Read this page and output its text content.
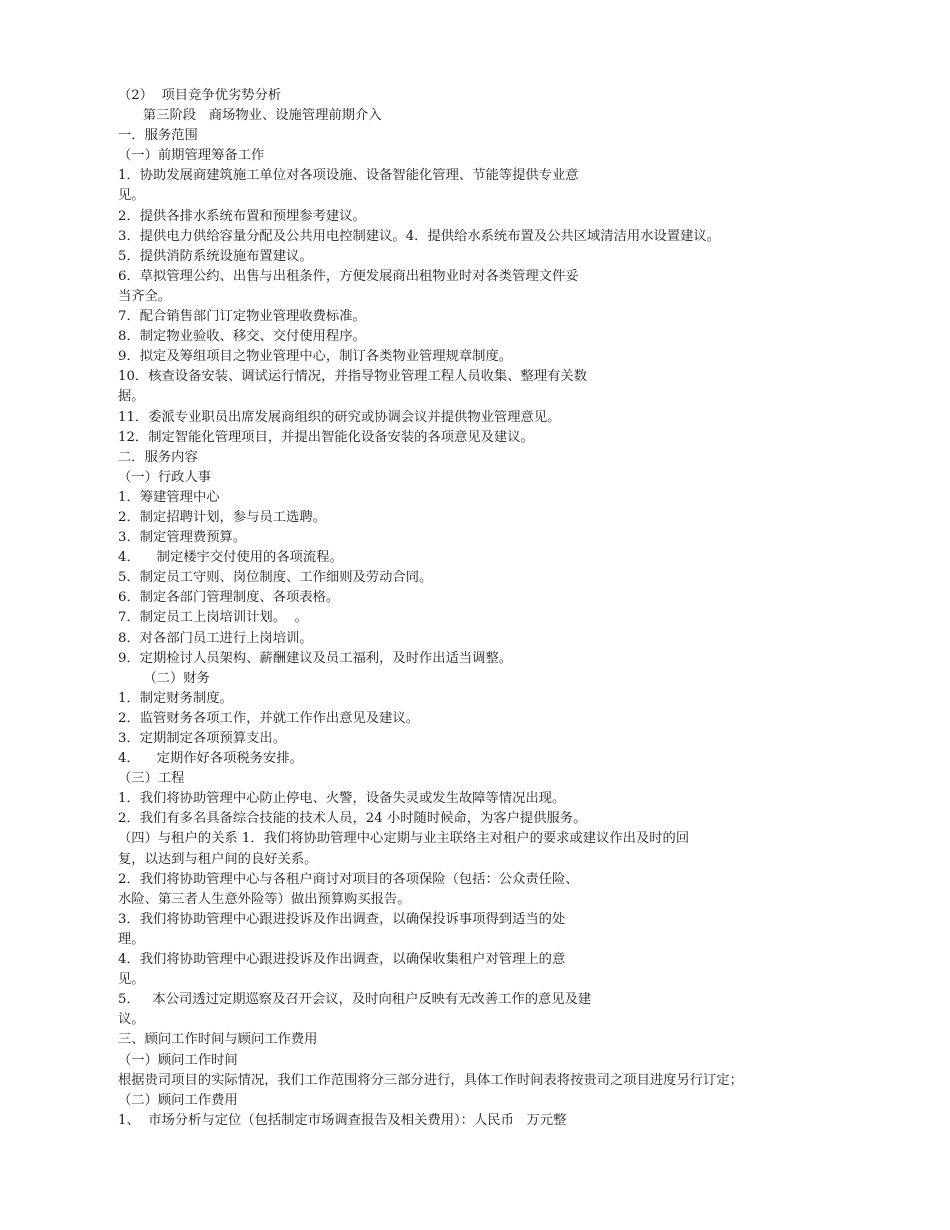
（2）  项目竞争优劣势分析
第三阶段   商场物业、设施管理前期介入
一．服务范围
（一）前期管理筹备工作
1．协助发展商建筑施工单位对各项设施、设备智能化管理、节能等提供专业意
见。
2．提供各排水系统布置和预埋参考建议。
3．提供电力供给容量分配及公共用电控制建议。4．提供给水系统布置及公共区域清洁用水设置建议。
5．提供消防系统设施布置建议。
6．草拟管理公约、出售与出租条件，方便发展商出租物业时对各类管理文件妥
当齐全。
7．配合销售部门订定物业管理收费标准。
8．制定物业验收、移交、交付使用程序。
9．拟定及筹组项目之物业管理中心，制订各类物业管理规章制度。
10．核查设备安装、调试运行情况，并指导物业管理工程人员收集、整理有关数
据。
11．委派专业职员出席发展商组织的研究或协调会议并提供物业管理意见。
12．制定智能化管理项目，并提出智能化设备安装的各项意见及建议。
二．服务内容
（一）行政人事
1．筹建管理中心
2．制定招聘计划，参与员工选聘。
3．制定管理费预算。
4．    制定楼宇交付使用的各项流程。
5．制定员工守则、岗位制度、工作细则及劳动合同。
6．制定各部门管理制度、各项表格。
7．制定员工上岗培训计划。  。
8．对各部门员工进行上岗培训。
9．定期检讨人员架构、薪酬建议及员工福利，及时作出适当调整。
（二）财务
1．制定财务制度。
2．监管财务各项工作，并就工作作出意见及建议。
3．定期制定各项预算支出。
4．    定期作好各项税务安排。
（三）工程
1．我们将协助管理中心防止停电、火警，设备失灵或发生故障等情况出现。
2．我们有多名具备综合技能的技术人员，24 小时随时候命，为客户提供服务。
（四）与租户的关系 1．我们将协助管理中心定期与业主联络主对租户的要求或建议作出及时的回
复，以达到与租户间的良好关系。
2．我们将协助管理中心与各租户商讨对项目的各项保险（包括：公众责任险、
水险、第三者人生意外险等）做出预算购买报告。
3．我们将协助管理中心跟进投诉及作出调查，以确保投诉事项得到适当的处
理。
4．我们将协助管理中心跟进投诉及作出调查，以确保收集租户对管理上的意
见。
5．   本公司透过定期巡察及召开会议，及时向租户反映有无改善工作的意见及建
议。
三、顾问工作时间与顾问工作费用
（一）顾问工作时间
根据贵司项目的实际情况，我们工作范围将分三部分进行，具体工作时间表将按贵司之项目进度另行订定；
（二）顾问工作费用
1、  市场分析与定位（包括制定市场调查报告及相关费用）：人民币   万元整
